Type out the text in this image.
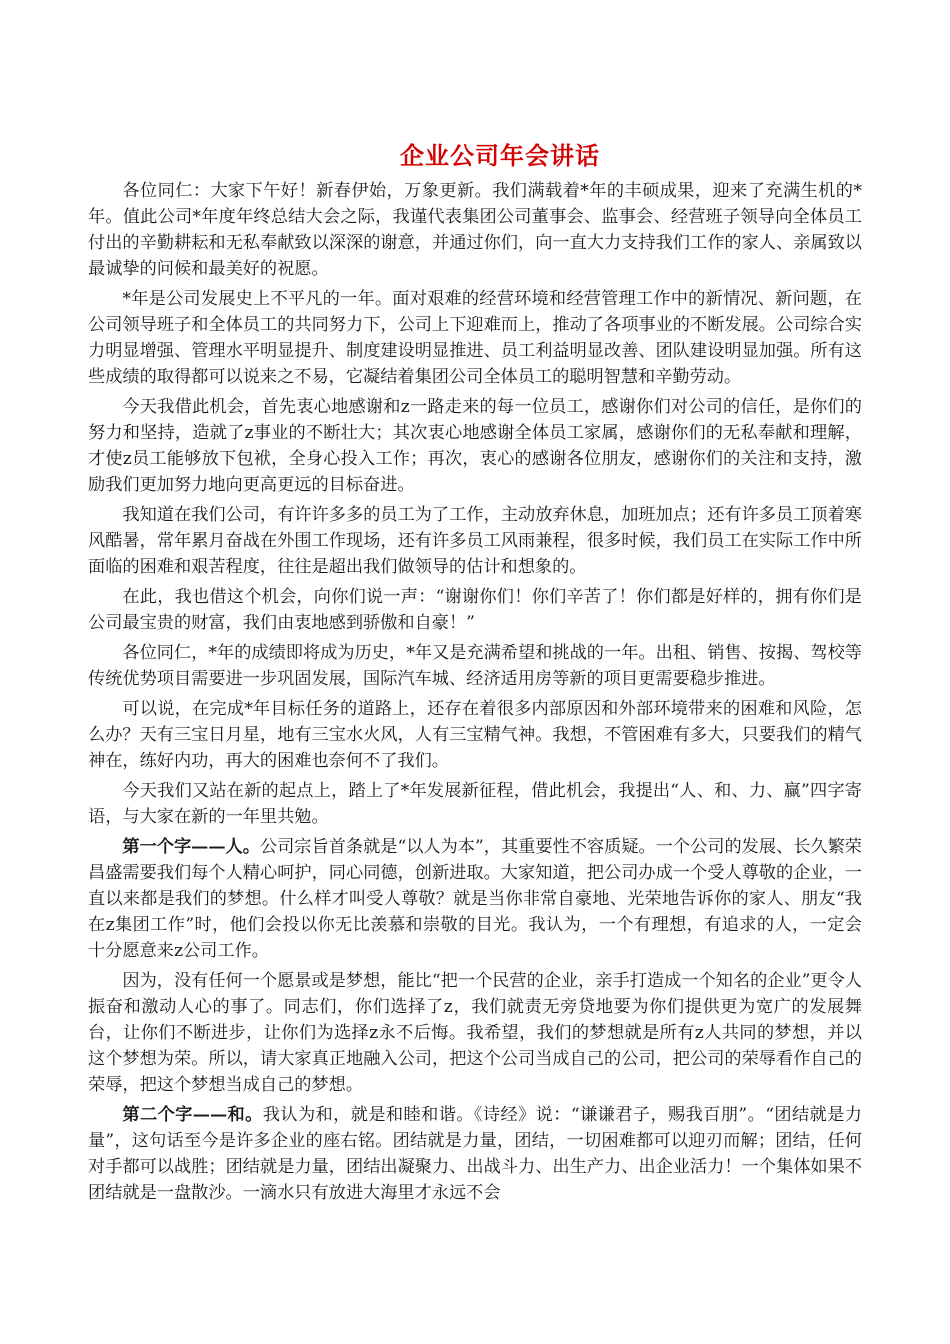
企业公司年会讲话

各位同仁：大家下午好！新春伊始，万象更新。我们满载着*年的丰硕成果，迎来了充满生机的*年。值此公司*年度年终总结大会之际，我谨代表集团公司董事会、监事会、经营班子领导向全体员工付出的辛勤耕耘和无私奉献致以深深的谢意，并通过你们，向一直大力支持我们工作的家人、亲属致以最诚挚的问候和最美好的祝愿。

*年是公司发展史上不平凡的一年。面对艰难的经营环境和经营管理工作中的新情况、新问题，在公司领导班子和全体员工的共同努力下，公司上下迎难而上，推动了各项事业的不断发展。公司综合实力明显增强、管理水平明显提升、制度建设明显推进、员工利益明显改善、团队建设明显加强。所有这些成绩的取得都可以说来之不易，它凝结着集团公司全体员工的聪明智慧和辛勤劳动。

今天我借此机会，首先衷心地感谢和z一路走来的每一位员工，感谢你们对公司的信任，是你们的努力和坚持，造就了z事业的不断壮大；其次衷心地感谢全体员工家属，感谢你们的无私奉献和理解，才使z员工能够放下包袱，全身心投入工作；再次，衷心的感谢各位朋友，感谢你们的关注和支持，激励我们更加努力地向更高更远的目标奋进。

我知道在我们公司，有许许多多的员工为了工作，主动放弃休息，加班加点；还有许多员工顶着寒风酷暑，常年累月奋战在外围工作现场，还有许多员工风雨兼程，很多时候，我们员工在实际工作中所面临的困难和艰苦程度，往往是超出我们做领导的估计和想象的。

在此，我也借这个机会，向你们说一声：“谢谢你们！你们辛苦了！你们都是好样的，拥有你们是公司最宝贵的财富，我们由衷地感到骄傲和自豪！”

各位同仁，*年的成绩即将成为历史，*年又是充满希望和挑战的一年。出租、销售、按揭、驾校等传统优势项目需要进一步巩固发展，国际汽车城、经济适用房等新的项目更需要稳步推进。

可以说，在完成*年目标任务的道路上，还存在着很多内部原因和外部环境带来的困难和风险，怎么办？天有三宝日月星，地有三宝水火风，人有三宝精气神。我想，不管困难有多大，只要我们的精气神在，练好内功，再大的困难也奈何不了我们。

今天我们又站在新的起点上，踏上了*年发展新征程，借此机会，我提出“人、和、力、赢”四字寄语，与大家在新的一年里共勉。

第一个字——人。公司宗旨首条就是“以人为本”，其重要性不容质疑。一个公司的发展、长久繁荣昌盛需要我们每个人精心呵护，同心同德，创新进取。大家知道，把公司办成一个受人尊敬的企业，一直以来都是我们的梦想。什么样才叫受人尊敬？就是当你非常自豪地、光荣地告诉你的家人、朋友“我在z集团工作”时，他们会投以你无比羡慕和崇敬的目光。我认为，一个有理想，有追求的人，一定会十分愿意来z公司工作。

因为，没有任何一个愿景或是梦想，能比“把一个民营的企业，亲手打造成一个知名的企业”更令人振奋和激动人心的事了。同志们，你们选择了z，我们就责无旁贷地要为你们提供更为宽广的发展舞台，让你们不断进步，让你们为选择z永不后悔。我希望，我们的梦想就是所有z人共同的梦想，并以这个梦想为荣。所以，请大家真正地融入公司，把这个公司当成自己的公司，把公司的荣辱看作自己的荣辱，把这个梦想当成自己的梦想。

第二个字——和。我认为和，就是和睦和谐。《诗经》说：“谦谦君子，赐我百朋”。“团结就是力量”，这句话至今是许多企业的座右铭。团结就是力量，团结，一切困难都可以迎刃而解；团结，任何对手都可以战胜；团结就是力量，团结出凝聚力、出战斗力、出生产力、出企业活力！一个集体如果不团结就是一盘散沙。一滴水只有放进大海里才永远不会
